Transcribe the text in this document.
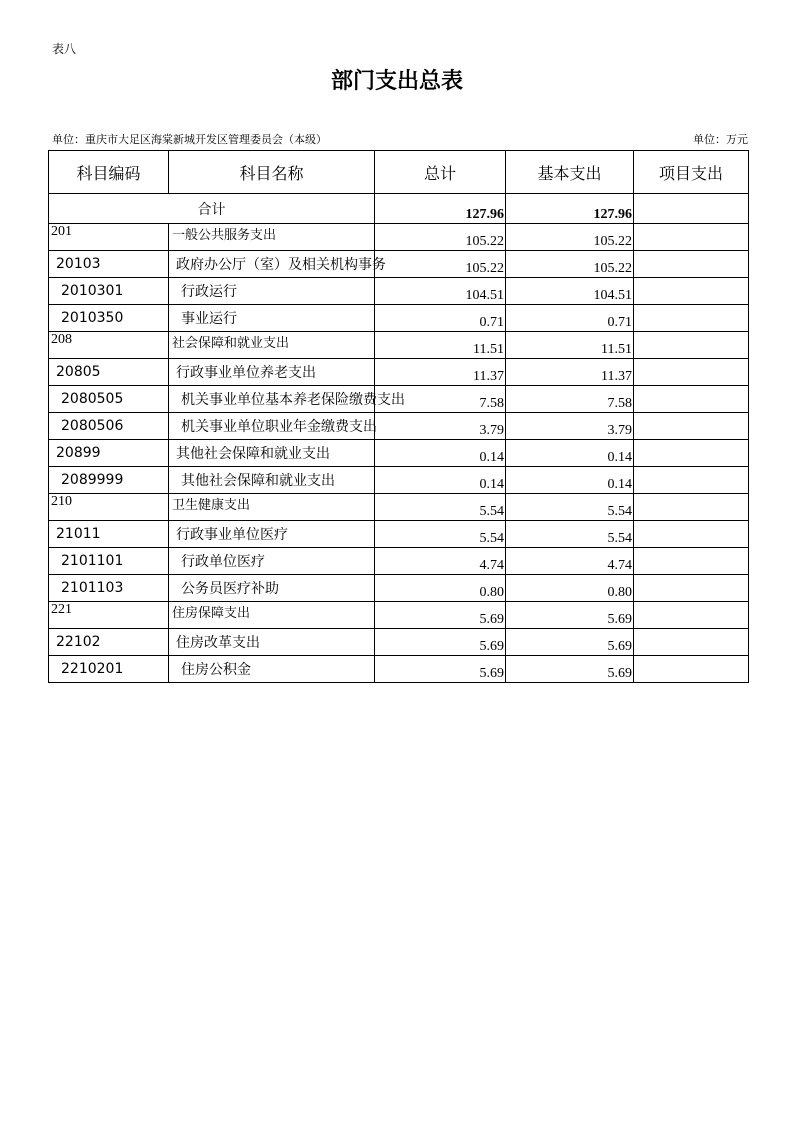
表八
部门支出总表
单位：重庆市大足区海棠新城开发区管理委员会（本级）	单位：万元
科目编码	科目名称	总计	基本支出	项目支出
合计		127.96	127.96	
201	一般公共服务支出	105.22	105.22	
20103	政府办公厅（室）及相关机构事务	105.22	105.22	
2010301	行政运行	104.51	104.51	
2010350	事业运行	0.71	0.71	
208	社会保障和就业支出	11.51	11.51	
20805	行政事业单位养老支出	11.37	11.37	
2080505	机关事业单位基本养老保险缴费支出	7.58	7.58	
2080506	机关事业单位职业年金缴费支出	3.79	3.79	
20899	其他社会保障和就业支出	0.14	0.14	
2089999	其他社会保障和就业支出	0.14	0.14	
210	卫生健康支出	5.54	5.54	
21011	行政事业单位医疗	5.54	5.54	
2101101	行政单位医疗	4.74	4.74	
2101103	公务员医疗补助	0.80	0.80	
221	住房保障支出	5.69	5.69	
22102	住房改革支出	5.69	5.69	
2210201	住房公积金	5.69	5.69	
